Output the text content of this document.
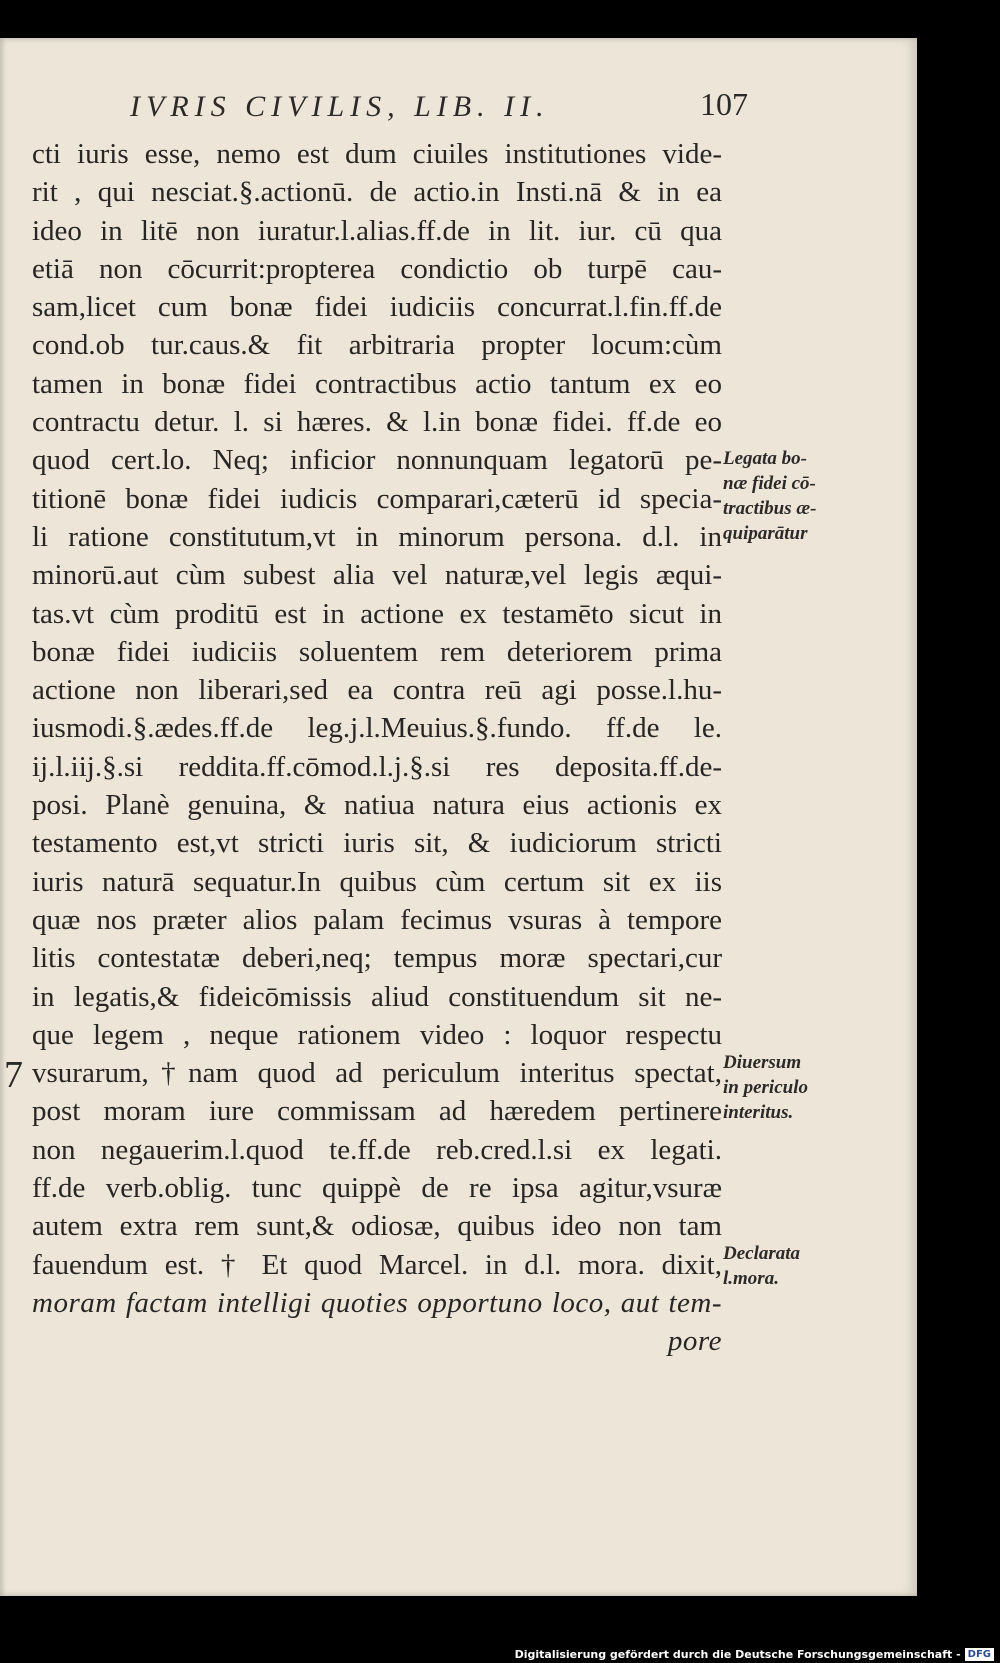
IVRIS CIVILIS, LIB. II.	107
cti iuris esse, nemo est dum ciuiles institutiones vide-
rit , qui nesciat.§.actionū. de actio.in Insti.nā & in ea
ideo in litē non iuratur.l.alias.ff.de in lit. iur. cū qua
etiā non cōcurrit:propterea condictio ob turpē cau-
sam,licet cum bonæ fidei iudiciis concurrat.l.fin.ff.de
cond.ob tur.caus.& fit arbitraria propter locum:cùm
tamen in bonæ fidei contractibus actio tantum ex eo
contractu detur. l. si hæres. & l.in bonæ fidei. ff.de eo
quod cert.lo. Neq; inficior nonnunquam legatorū pe-
titionē bonæ fidei iudicis comparari,cæterū id specia-
li ratione constitutum,vt in minorum persona. d.l. in
minorū.aut cùm subest alia vel naturæ,vel legis æqui-
tas.vt cùm proditū est in actione ex testamēto sicut in
bonæ fidei iudiciis soluentem rem deteriorem prima
actione non liberari,sed ea contra reū agi posse.l.hu-
iusmodi.§.ædes.ff.de leg.j.l.Meuius.§.fundo. ff.de le.
ij.l.iij.§.si reddita.ff.cōmod.l.j.§.si res deposita.ff.de-
posi. Planè genuina, & natiua natura eius actionis ex
testamento est,vt stricti iuris sit, & iudiciorum stricti
iuris naturā sequatur.In quibus cùm certum sit ex iis
quæ nos præter alios palam fecimus vsuras à tempore
litis contestatæ deberi,neq; tempus moræ spectari,cur
in legatis,& fideicōmissis aliud constituendum sit ne-
que legem , neque rationem video : loquor respectu
vsurarum,†nam quod ad periculum interitus spectat,
post moram iure commissam ad hæredem pertinere
non negauerim.l.quod te.ff.de reb.cred.l.si ex legati.
ff.de verb.oblig. tunc quippè de re ipsa agitur,vsuræ
autem extra rem sunt,& odiosæ, quibus ideo non tam
fauendum est. † Et quod Marcel. in d.l. mora. dixit,
moram factam intelligi quoties opportuno loco, aut tem-
pore
7
Legata bo-
næ fidei cō-
tractibus æ-
quiparātur
Diuersum
in periculo
interitus.
Declarata
l.mora.
Digitalisierung gefördert durch die Deutsche Forschungsgemeinschaft - DFG
